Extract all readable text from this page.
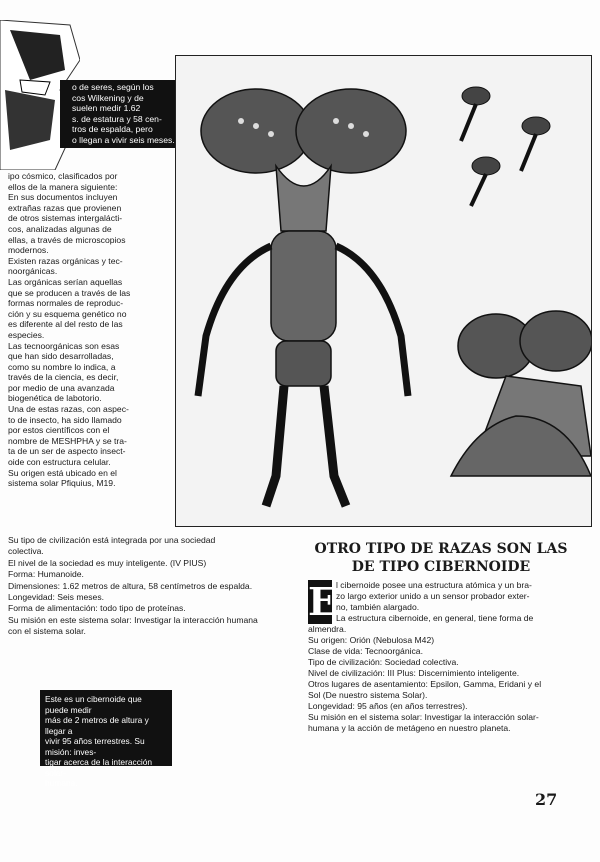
o de seres, según los
cos Wilkening y de
suelen medir 1.62
s. de estatura y 58 cen-
tros de espalda, pero
o llegan a vivir seis meses.

ipo cósmico, clasificados por
ellos de la manera siguiente:
En sus documentos incluyen
extrañas razas que provienen
de otros sistemas intergalácti-
cos, analizadas algunas de
ellas, a través de microscopios
modernos.
Existen razas orgánicas y tec-
noorgánicas.
Las orgánicas serían aquellas
que se producen a través de las
formas normales de reproduc-
ción y su esquema genético no
es diferente al del resto de las
especies.
Las tecnoorgánicas son esas
que han sido desarrolladas,
como su nombre lo indica, a
través de la ciencia, es decir,
por medio de una avanzada
biogenética de labotorio.
Una de estas razas, con aspec-
to de insecto, ha sido llamado
por estos científicos con el
nombre de MESHPHA y se tra-
ta de un ser de aspecto insect-
oide con estructura celular.
Su origen está ubicado en el
sistema solar Pfiquius, M19.

Su tipo de civilización está integrada por una sociedad

colectiva.

El nivel de la sociedad es muy inteligente. (IV PIUS)

Forma: Humanoide.

Dimensiones: 1.62 metros de altura, 58 centímetros de espalda.

Longevidad: Seis meses.

Forma de alimentación: todo tipo de proteínas.

Su misión en este sistema solar: Investigar la interacción humana

con el sistema solar.

OTRO TIPO DE RAZAS SON LAS
DE TIPO CIBERNOIDE
E l cibernoide posee una estructura atómica y un bra-
zo largo exterior unido a un sensor probador exter-
no, también alargado.
La estructura cibernoide, en general, tiene forma de

almendra.
Su origen: Orión (Nebulosa M42)
Clase de vida: Tecnoorgánica.
Tipo de civilización: Sociedad colectiva.
Nivel de civilización: III Plus: Discernimiento inteligente.
Otros lugares de asentamiento: Epsilon, Gamma, Eridani y el
Sol (De nuestro sistema Solar).
Longevidad: 95 años (en años terrestres).
Su misión en el sistema solar: Investigar la interacción solar-
humana y la acción de metágeno en nuestro planeta.

Este es un cibernoide que puede medir
más de 2 metros de altura y llegar a
vivir 95 años terrestres. Su misión: inves-
tigar acerca de la interacción solar-
humana.
27
